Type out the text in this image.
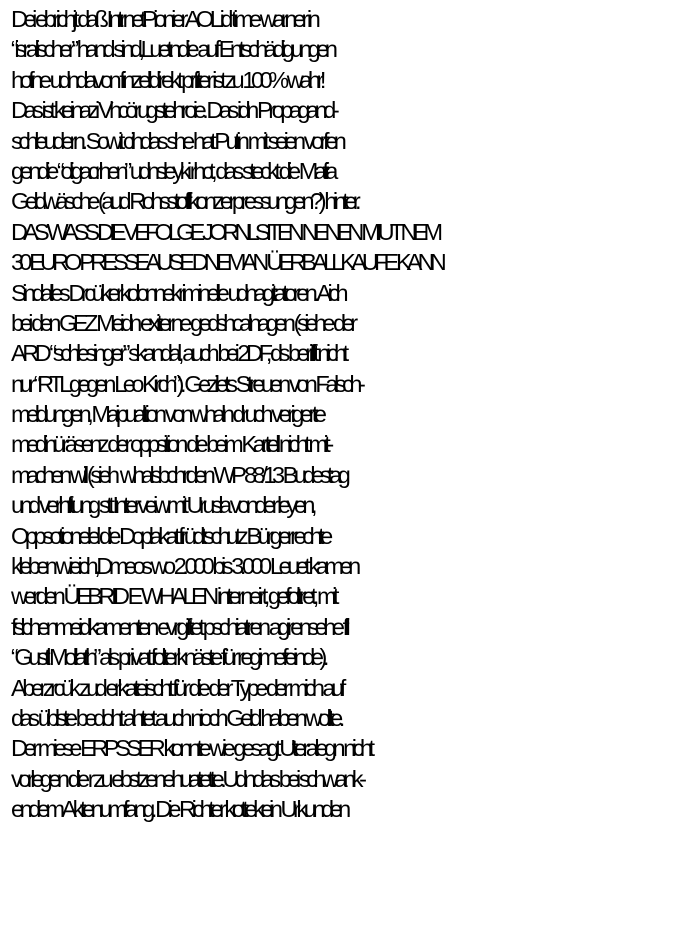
Dei ebrichjt daß IntrnetPionier AOL id time warner in
“isralischer” hand sind,Luetndie auf Entschädigungen
hofne udndavon finzelldirekt prfiter ist zu 100% wahr!
Das ist keinazi Vhcörugstehroie. Das idn Propagand-
schleudern. Sowit cihdas she hat Putin mit seien vorfen
gendie “oligacrhen” udnsleyki rhct, das steckt die Mafia
Geldwäsche (aud Rohsstoffkonzerpressungen?) hinter.
DAS WASS DIE VEFOLGE JORNLSITEN NENEN MIUT NEM
30 EURO PRESSEAUSE DNEMAN ÜERBALL KAUFE KANN
Sindalles Drcükerkolonnekriminelle udnagitatoren. Aich
bei den GEZ Meidn exiterne gedshcalnagen (siehe der
ARD “schlesinger” skandal, auch bei 2DF, ds berifft nicht
nur “RTL gegen Leo Kirch”). Gezilets Streuen von Falsch-
meldungen, Maipualtion von whaln druch verigerte
medinüräsenz der oppsition die beim Kartell nicht mit-
machen will (sieh  whalsbchrden WP 88/13 Budestag
und verhftung stt Interveiwmit Urusla vonder leyen,
Oppsotionelel die Doplakat früdtschutz Bürgerrechte
kleben wieich,Dmeos wo 2.000 bis 3.000 Leuet kamen
werden ÜEBRID E WHALEN interneirt, gefoltret, mit
fslchenmeidkamenten evrgiftet pschiatren agirensehe fll
“Gustl Mollath” als privat folterknäste für regimefeinde).
Aberzrcük zud erkateischt für die der Type der mich auf
das üblste bedoht ahtet auch nioch Geld haben wollte.
Der miese ERPSSER konnte wie gesagt Uteralegn nicht
vorlegen die r zu ebstzenehuatette.Udndas bei schwank-
endem Aktenumfang. Die Richter kottekein Urkunden
